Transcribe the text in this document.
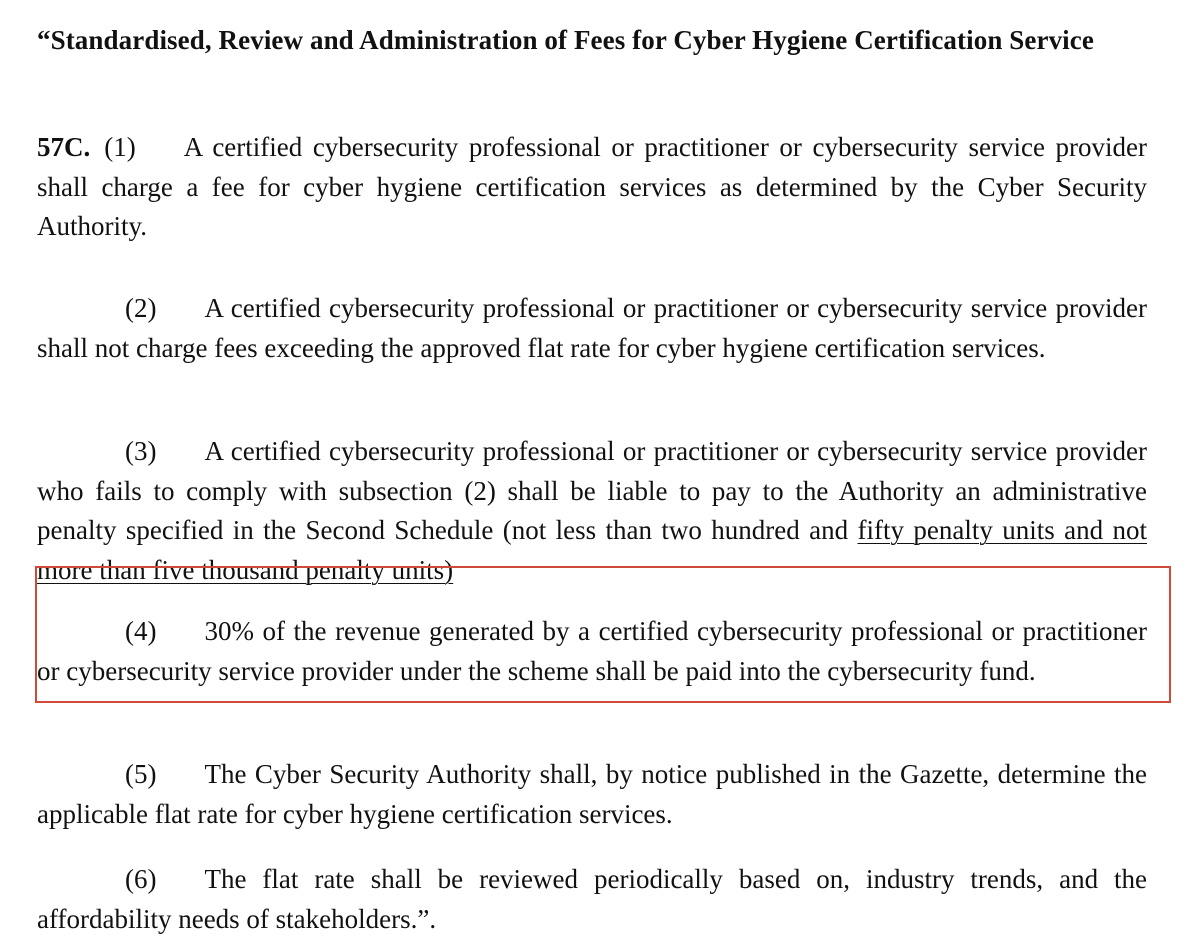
“Standardised, Review and Administration of Fees for Cyber Hygiene Certification Service

57C. (1) A certified cybersecurity professional or practitioner or cybersecurity service provider shall charge a fee for cyber hygiene certification services as determined by the Cyber Security Authority.

(2) A certified cybersecurity professional or practitioner or cybersecurity service provider shall not charge fees exceeding the approved flat rate for cyber hygiene certification services.

(3) A certified cybersecurity professional or practitioner or cybersecurity service provider who fails to comply with subsection (2) shall be liable to pay to the Authority an administrative penalty specified in the Second Schedule (not less than two hundred and fifty penalty units and not more than five thousand penalty units)

(4) 30% of the revenue generated by a certified cybersecurity professional or practitioner or cybersecurity service provider under the scheme shall be paid into the cybersecurity fund.

(5) The Cyber Security Authority shall, by notice published in the Gazette, determine the applicable flat rate for cyber hygiene certification services.

(6) The flat rate shall be reviewed periodically based on, industry trends, and the affordability needs of stakeholders.”.
